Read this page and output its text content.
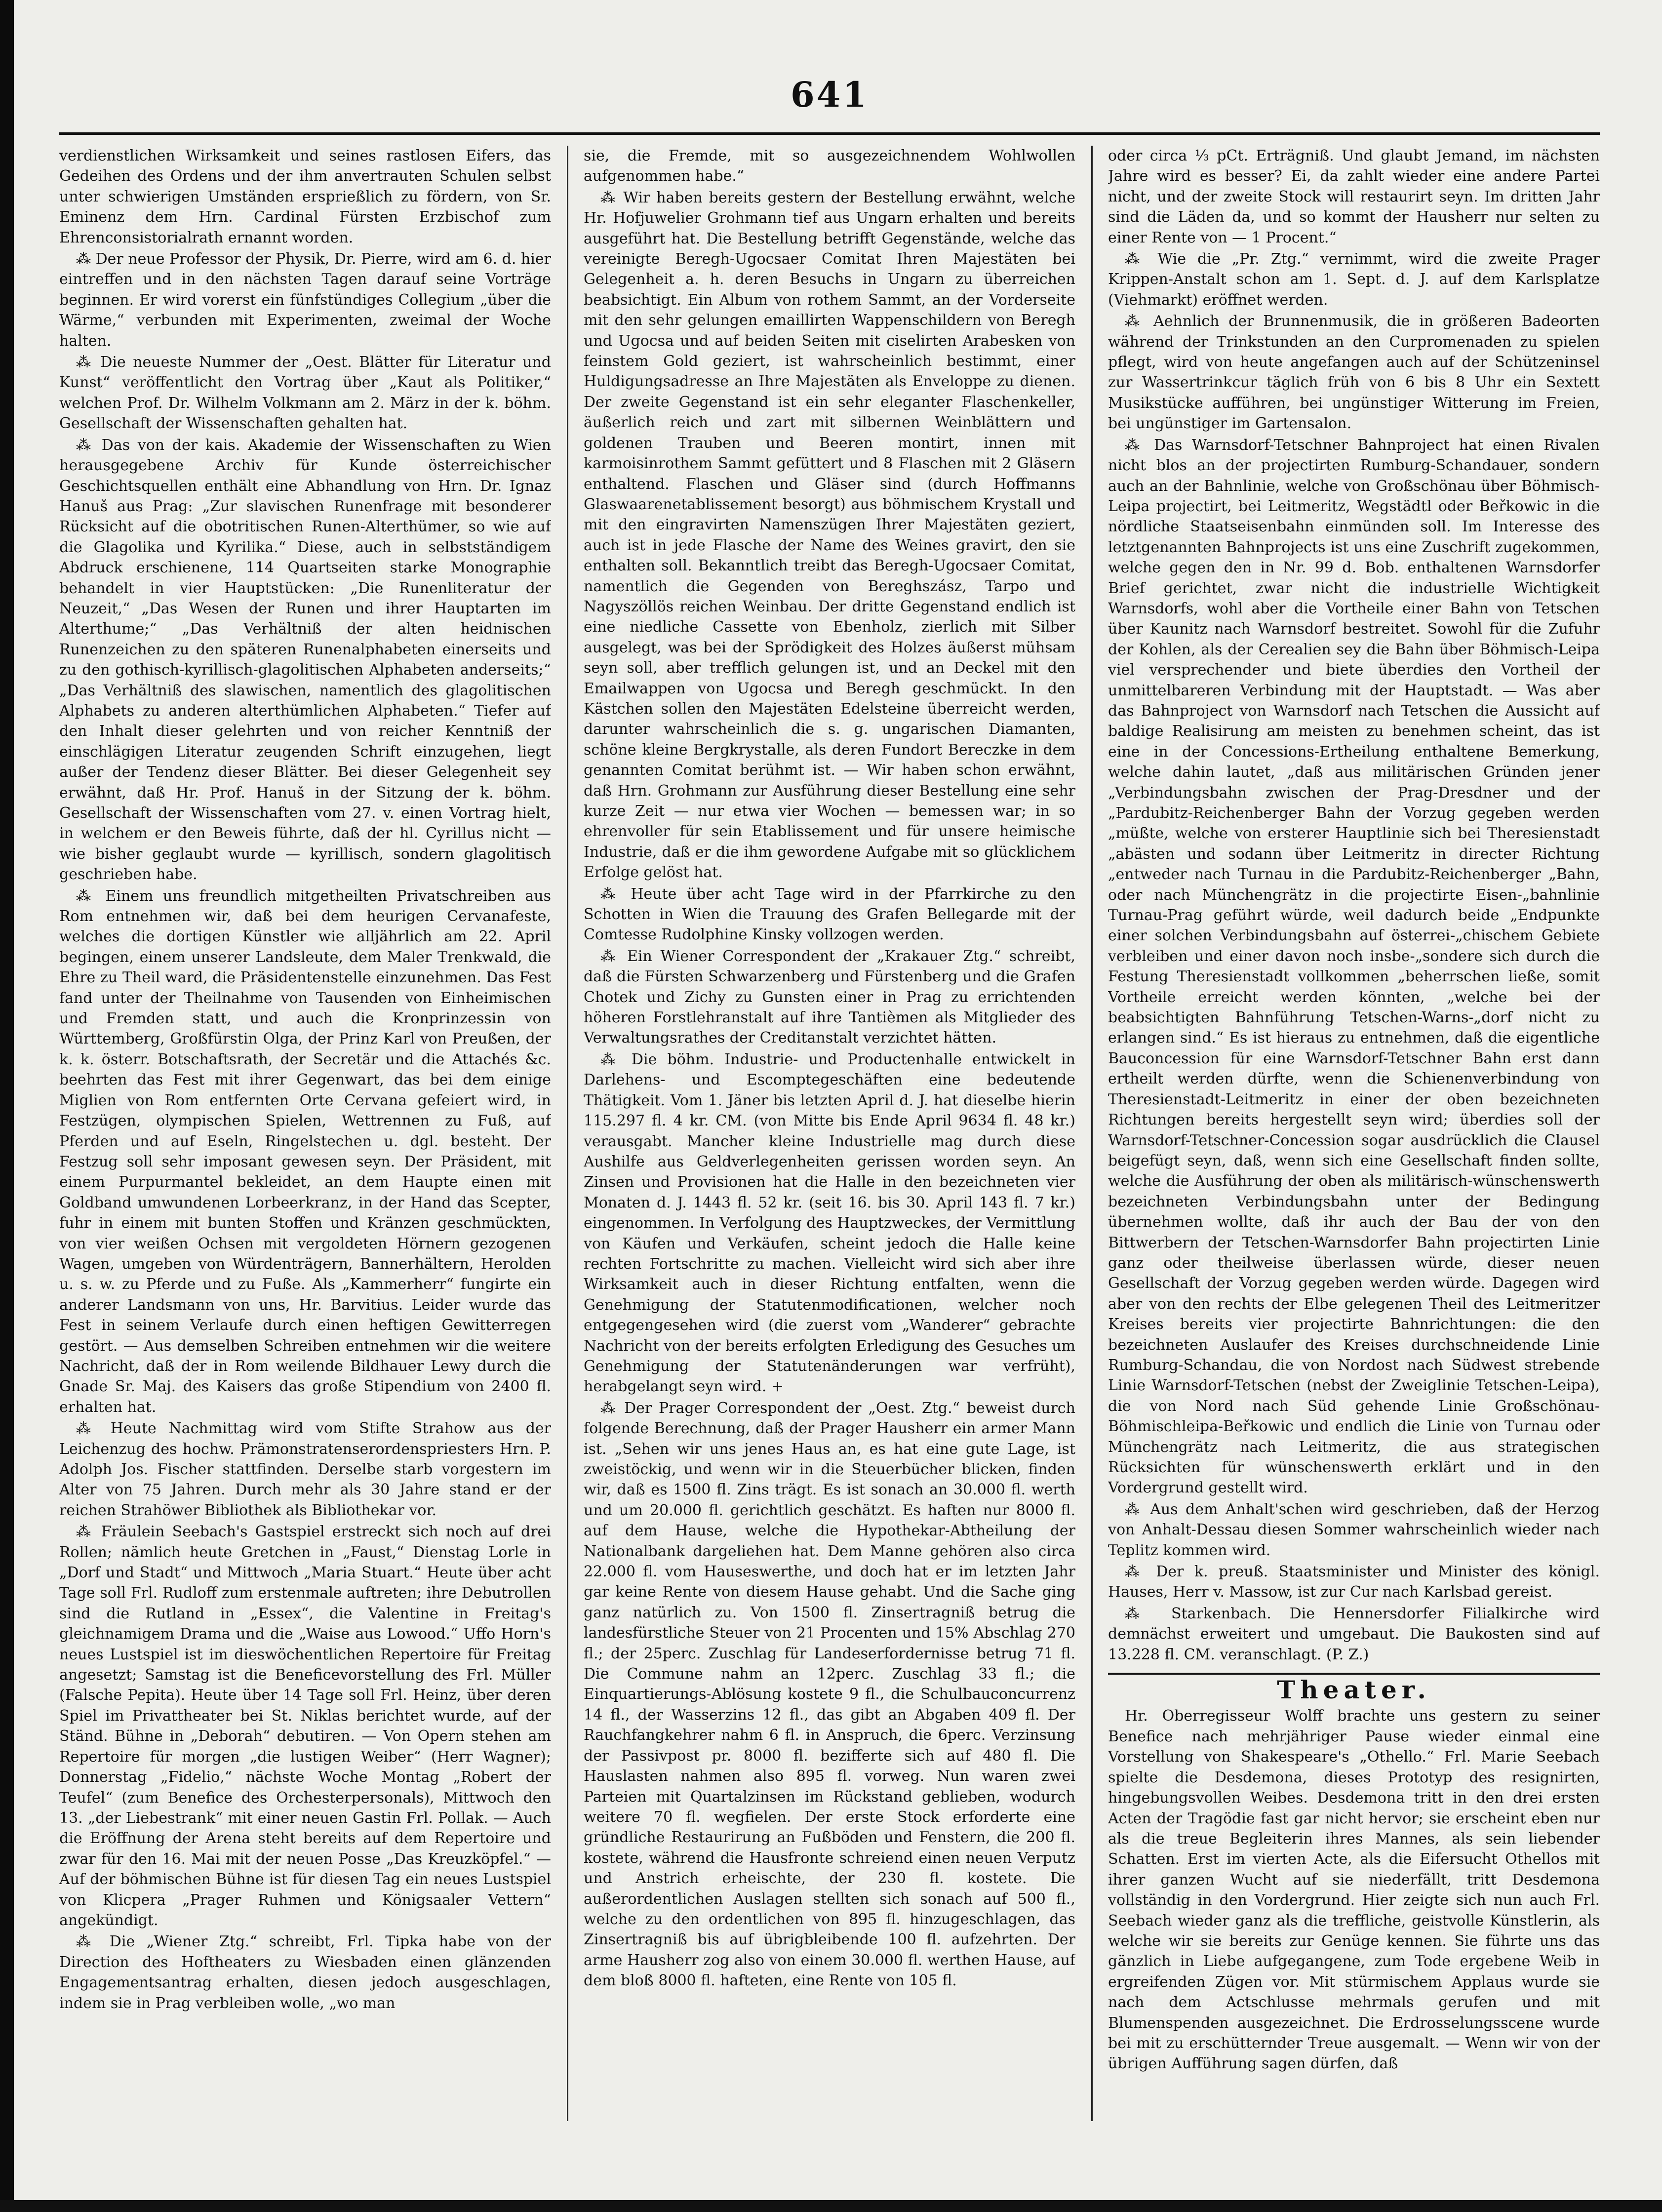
641

verdienstlichen Wirksamkeit und seines rastlosen Eifers, das Gedeihen des Ordens und der ihm anvertrauten Schulen selbst unter schwierigen Umständen ersprießlich zu fördern, von Sr. Eminenz dem Hrn. Cardinal Fürsten Erzbischof zum Ehrenconsistorialrath ernannt worden.

⁂ Der neue Professor der Physik, Dr. Pierre, wird am 6. d. hier eintreffen und in den nächsten Tagen darauf seine Vorträge beginnen. Er wird vorerst ein fünfstündiges Collegium „über die Wärme,“ verbunden mit Experimenten, zweimal der Woche halten.

⁂ Die neueste Nummer der „Oest. Blätter für Literatur und Kunst“ veröffentlicht den Vortrag über „Kaut als Politiker,“ welchen Prof. Dr. Wilhelm Volkmann am 2. März in der k. böhm. Gesellschaft der Wissenschaften gehalten hat.

⁂ Das von der kais. Akademie der Wissenschaften zu Wien herausgegebene Archiv für Kunde österreichischer Geschichtsquellen enthält eine Abhandlung von Hrn. Dr. Ignaz Hanuš aus Prag: „Zur slavischen Runenfrage mit besonderer Rücksicht auf die obotritischen Runen-Alterthümer, so wie auf die Glagolika und Kyrilika.“ Diese, auch in selbstständigem Abdruck erschienene, 114 Quartseiten starke Monographie behandelt in vier Hauptstücken: „Die Runenliteratur der Neuzeit,“ „Das Wesen der Runen und ihrer Hauptarten im Alterthume;“ „Das Verhältniß der alten heidnischen Runenzeichen zu den späteren Runenalphabeten einerseits und zu den gothisch-kyrillisch-glagolitischen Alphabeten anderseits;“ „Das Verhältniß des slawischen, namentlich des glagolitischen Alphabets zu anderen alterthümlichen Alphabeten.“ Tiefer auf den Inhalt dieser gelehrten und von reicher Kenntniß der einschlägigen Literatur zeugenden Schrift einzugehen, liegt außer der Tendenz dieser Blätter. Bei dieser Gelegenheit sey erwähnt, daß Hr. Prof. Hanuš in der Sitzung der k. böhm. Gesellschaft der Wissenschaften vom 27. v. einen Vortrag hielt, in welchem er den Beweis führte, daß der hl. Cyrillus nicht — wie bisher geglaubt wurde — kyrillisch, sondern glagolitisch geschrieben habe.

⁂ Einem uns freundlich mitgetheilten Privatschreiben aus Rom entnehmen wir, daß bei dem heurigen Cervanafeste, welches die dortigen Künstler wie alljährlich am 22. April begingen, einem unserer Landsleute, dem Maler Trenkwald, die Ehre zu Theil ward, die Präsidentenstelle einzunehmen. Das Fest fand unter der Theilnahme von Tausenden von Einheimischen und Fremden statt, und auch die Kronprinzessin von Württemberg, Großfürstin Olga, der Prinz Karl von Preußen, der k. k. österr. Botschaftsrath, der Secretär und die Attachés &c. beehrten das Fest mit ihrer Gegenwart, das bei dem einige Miglien von Rom entfernten Orte Cervana gefeiert wird, in Festzügen, olympischen Spielen, Wettrennen zu Fuß, auf Pferden und auf Eseln, Ringelstechen u. dgl. besteht. Der Festzug soll sehr imposant gewesen seyn. Der Präsident, mit einem Purpurmantel bekleidet, an dem Haupte einen mit Goldband umwundenen Lorbeerkranz, in der Hand das Scepter, fuhr in einem mit bunten Stoffen und Kränzen geschmückten, von vier weißen Ochsen mit vergoldeten Hörnern gezogenen Wagen, umgeben von Würdenträgern, Bannerhältern, Herolden u. s. w. zu Pferde und zu Fuße. Als „Kammerherr“ fungirte ein anderer Landsmann von uns, Hr. Barvitius. Leider wurde das Fest in seinem Verlaufe durch einen heftigen Gewitterregen gestört. — Aus demselben Schreiben entnehmen wir die weitere Nachricht, daß der in Rom weilende Bildhauer Lewy durch die Gnade Sr. Maj. des Kaisers das große Stipendium von 2400 fl. erhalten hat.

⁂ Heute Nachmittag wird vom Stifte Strahow aus der Leichenzug des hochw. Prämonstratenserordenspriesters Hrn. P. Adolph Jos. Fischer stattfinden. Derselbe starb vorgestern im Alter von 75 Jahren. Durch mehr als 30 Jahre stand er der reichen Strahöwer Bibliothek als Bibliothekar vor.

⁂ Fräulein Seebach's Gastspiel erstreckt sich noch auf drei Rollen; nämlich heute Gretchen in „Faust,“ Dienstag Lorle in „Dorf und Stadt“ und Mittwoch „Maria Stuart.“ Heute über acht Tage soll Frl. Rudloff zum erstenmale auftreten; ihre Debutrollen sind die Rutland in „Essex“, die Valentine in Freitag's gleichnamigem Drama und die „Waise aus Lowood.“ Uffo Horn's neues Lustspiel ist im dieswöchentlichen Repertoire für Freitag angesetzt; Samstag ist die Beneficevorstellung des Frl. Müller (Falsche Pepita). Heute über 14 Tage soll Frl. Heinz, über deren Spiel im Privattheater bei St. Niklas berichtet wurde, auf der Ständ. Bühne in „Deborah“ debutiren. — Von Opern stehen am Repertoire für morgen „die lustigen Weiber“ (Herr Wagner); Donnerstag „Fidelio,“ nächste Woche Montag „Robert der Teufel“ (zum Benefice des Orchesterpersonals), Mittwoch den 13. „der Liebestrank“ mit einer neuen Gastin Frl. Pollak. — Auch die Eröffnung der Arena steht bereits auf dem Repertoire und zwar für den 16. Mai mit der neuen Posse „Das Kreuzköpfel.“ — Auf der böhmischen Bühne ist für diesen Tag ein neues Lustspiel von Klicpera „Prager Ruhmen und Königsaaler Vettern“ angekündigt.

⁂ Die „Wiener Ztg.“ schreibt, Frl. Tipka habe von der Direction des Hoftheaters zu Wiesbaden einen glänzenden Engagementsantrag erhalten, diesen jedoch ausgeschlagen, indem sie in Prag verbleiben wolle, „wo man

sie, die Fremde, mit so ausgezeichnendem Wohlwollen aufgenommen habe.“

⁂ Wir haben bereits gestern der Bestellung erwähnt, welche Hr. Hofjuwelier Grohmann tief aus Ungarn erhalten und bereits ausgeführt hat. Die Bestellung betrifft Gegenstände, welche das vereinigte Beregh-Ugocsaer Comitat Ihren Majestäten bei Gelegenheit a. h. deren Besuchs in Ungarn zu überreichen beabsichtigt. Ein Album von rothem Sammt, an der Vorderseite mit den sehr gelungen emaillirten Wappenschildern von Beregh und Ugocsa und auf beiden Seiten mit ciselirten Arabesken von feinstem Gold geziert, ist wahrscheinlich bestimmt, einer Huldigungsadresse an Ihre Majestäten als Enveloppe zu dienen. Der zweite Gegenstand ist ein sehr eleganter Flaschenkeller, äußerlich reich und zart mit silbernen Weinblättern und goldenen Trauben und Beeren montirt, innen mit karmoisinrothem Sammt gefüttert und 8 Flaschen mit 2 Gläsern enthaltend. Flaschen und Gläser sind (durch Hoffmanns Glaswaarenetablissement besorgt) aus böhmischem Krystall und mit den eingravirten Namenszügen Ihrer Majestäten geziert, auch ist in jede Flasche der Name des Weines gravirt, den sie enthalten soll. Bekanntlich treibt das Beregh-Ugocsaer Comitat, namentlich die Gegenden von Bereghszász, Tarpo und Nagyszöllös reichen Weinbau. Der dritte Gegenstand endlich ist eine niedliche Cassette von Ebenholz, zierlich mit Silber ausgelegt, was bei der Sprödigkeit des Holzes äußerst mühsam seyn soll, aber trefflich gelungen ist, und an Deckel mit den Emailwappen von Ugocsa und Beregh geschmückt. In den Kästchen sollen den Majestäten Edelsteine überreicht werden, darunter wahrscheinlich die s. g. ungarischen Diamanten, schöne kleine Bergkrystalle, als deren Fundort Bereczke in dem genannten Comitat berühmt ist. — Wir haben schon erwähnt, daß Hrn. Grohmann zur Ausführung dieser Bestellung eine sehr kurze Zeit — nur etwa vier Wochen — bemessen war; in so ehrenvoller für sein Etablissement und für unsere heimische Industrie, daß er die ihm gewordene Aufgabe mit so glücklichem Erfolge gelöst hat.

⁂ Heute über acht Tage wird in der Pfarrkirche zu den Schotten in Wien die Trauung des Grafen Bellegarde mit der Comtesse Rudolphine Kinsky vollzogen werden.

⁂ Ein Wiener Correspondent der „Krakauer Ztg.“ schreibt, daß die Fürsten Schwarzenberg und Fürstenberg und die Grafen Chotek und Zichy zu Gunsten einer in Prag zu errichtenden höheren Forstlehranstalt auf ihre Tantièmen als Mitglieder des Verwaltungsrathes der Creditanstalt verzichtet hätten.

⁂ Die böhm. Industrie- und Productenhalle entwickelt in Darlehens- und Escomptegeschäften eine bedeutende Thätigkeit. Vom 1. Jäner bis letzten April d. J. hat dieselbe hierin 115.297 fl. 4 kr. CM. (von Mitte bis Ende April 9634 fl. 48 kr.) verausgabt. Mancher kleine Industrielle mag durch diese Aushilfe aus Geldverlegenheiten gerissen worden seyn. An Zinsen und Provisionen hat die Halle in den bezeichneten vier Monaten d. J. 1443 fl. 52 kr. (seit 16. bis 30. April 143 fl. 7 kr.) eingenommen. In Verfolgung des Hauptzweckes, der Vermittlung von Käufen und Verkäufen, scheint jedoch die Halle keine rechten Fortschritte zu machen. Vielleicht wird sich aber ihre Wirksamkeit auch in dieser Richtung entfalten, wenn die Genehmigung der Statutenmodificationen, welcher noch entgegengesehen wird (die zuerst vom „Wanderer“ gebrachte Nachricht von der bereits erfolgten Erledigung des Gesuches um Genehmigung der Statutenänderungen war verfrüht), herabgelangt seyn wird. +

⁂ Der Prager Correspondent der „Oest. Ztg.“ beweist durch folgende Berechnung, daß der Prager Hausherr ein armer Mann ist. „Sehen wir uns jenes Haus an, es hat eine gute Lage, ist zweistöckig, und wenn wir in die Steuerbücher blicken, finden wir, daß es 1500 fl. Zins trägt. Es ist sonach an 30.000 fl. werth und um 20.000 fl. gerichtlich geschätzt. Es haften nur 8000 fl. auf dem Hause, welche die Hypothekar-Abtheilung der Nationalbank dargeliehen hat. Dem Manne gehören also circa 22.000 fl. vom Hauseswerthe, und doch hat er im letzten Jahr gar keine Rente von diesem Hause gehabt. Und die Sache ging ganz natürlich zu. Von 1500 fl. Zinsertragniß betrug die landesfürstliche Steuer von 21 Procenten und 15% Abschlag 270 fl.; der 25perc. Zuschlag für Landeserfordernisse betrug 71 fl. Die Commune nahm an 12perc. Zuschlag 33 fl.; die Einquartierungs-Ablösung kostete 9 fl., die Schulbauconcurrenz 14 fl., der Wasserzins 12 fl., das gibt an Abgaben 409 fl. Der Rauchfangkehrer nahm 6 fl. in Anspruch, die 6perc. Verzinsung der Passivpost pr. 8000 fl. bezifferte sich auf 480 fl. Die Hauslasten nahmen also 895 fl. vorweg. Nun waren zwei Parteien mit Quartalzinsen im Rückstand geblieben, wodurch weitere 70 fl. wegfielen. Der erste Stock erforderte eine gründliche Restaurirung an Fußböden und Fenstern, die 200 fl. kostete, während die Hausfronte schreiend einen neuen Verputz und Anstrich erheischte, der 230 fl. kostete. Die außerordentlichen Auslagen stellten sich sonach auf 500 fl., welche zu den ordentlichen von 895 fl. hinzugeschlagen, das Zinsertragniß bis auf übrigbleibende 100 fl. aufzehrten. Der arme Hausherr zog also von einem 30.000 fl. werthen Hause, auf dem bloß 8000 fl. hafteten, eine Rente von 105 fl.

oder circa ⅓ pCt. Erträgniß. Und glaubt Jemand, im nächsten Jahre wird es besser? Ei, da zahlt wieder eine andere Partei nicht, und der zweite Stock will restaurirt seyn. Im dritten Jahr sind die Läden da, und so kommt der Hausherr nur selten zu einer Rente von — 1 Procent.“

⁂ Wie die „Pr. Ztg.“ vernimmt, wird die zweite Prager Krippen-Anstalt schon am 1. Sept. d. J. auf dem Karlsplatze (Viehmarkt) eröffnet werden.

⁂ Aehnlich der Brunnenmusik, die in größeren Badeorten während der Trinkstunden an den Curpromenaden zu spielen pflegt, wird von heute angefangen auch auf der Schützeninsel zur Wassertrinkcur täglich früh von 6 bis 8 Uhr ein Sextett Musikstücke aufführen, bei ungünstiger Witterung im Freien, bei ungünstiger im Gartensalon.

⁂ Das Warnsdorf-Tetschner Bahnproject hat einen Rivalen nicht blos an der projectirten Rumburg-Schandauer, sondern auch an der Bahnlinie, welche von Großschönau über Böhmisch-Leipa projectirt, bei Leitmeritz, Wegstädtl oder Beřkowic in die nördliche Staatseisenbahn einmünden soll. Im Interesse des letztgenannten Bahnprojects ist uns eine Zuschrift zugekommen, welche gegen den in Nr. 99 d. Bob. enthaltenen Warnsdorfer Brief gerichtet, zwar nicht die industrielle Wichtigkeit Warnsdorfs, wohl aber die Vortheile einer Bahn von Tetschen über Kaunitz nach Warnsdorf bestreitet. Sowohl für die Zufuhr der Kohlen, als der Cerealien sey die Bahn über Böhmisch-Leipa viel versprechender und biete überdies den Vortheil der unmittelbareren Verbindung mit der Hauptstadt. — Was aber das Bahnproject von Warnsdorf nach Tetschen die Aussicht auf baldige Realisirung am meisten zu benehmen scheint, das ist eine in der Concessions-Ertheilung enthaltene Bemerkung, welche dahin lautet, „daß aus militärischen Gründen jener „Verbindungsbahn zwischen der Prag-Dresdner und der „Pardubitz-Reichenberger Bahn der Vorzug gegeben werden „müßte, welche von ersterer Hauptlinie sich bei Theresienstadt „abästen und sodann über Leitmeritz in directer Richtung „entweder nach Turnau in die Pardubitz-Reichenberger „Bahn, oder nach Münchengrätz in die projectirte Eisen-„bahnlinie Turnau-Prag geführt würde, weil dadurch beide „Endpunkte einer solchen Verbindungsbahn auf österrei-„chischem Gebiete verbleiben und einer davon noch insbe-„sondere sich durch die Festung Theresienstadt vollkommen „beherrschen ließe, somit Vortheile erreicht werden könnten, „welche bei der beabsichtigten Bahnführung Tetschen-Warns-„dorf nicht zu erlangen sind.“ Es ist hieraus zu entnehmen, daß die eigentliche Bauconcession für eine Warnsdorf-Tetschner Bahn erst dann ertheilt werden dürfte, wenn die Schienenverbindung von Theresienstadt-Leitmeritz in einer der oben bezeichneten Richtungen bereits hergestellt seyn wird; überdies soll der Warnsdorf-Tetschner-Concession sogar ausdrücklich die Clausel beigefügt seyn, daß, wenn sich eine Gesellschaft finden sollte, welche die Ausführung der oben als militärisch-wünschenswerth bezeichneten Verbindungsbahn unter der Bedingung übernehmen wollte, daß ihr auch der Bau der von den Bittwerbern der Tetschen-Warnsdorfer Bahn projectirten Linie ganz oder theilweise überlassen würde, dieser neuen Gesellschaft der Vorzug gegeben werden würde. Dagegen wird aber von den rechts der Elbe gelegenen Theil des Leitmeritzer Kreises bereits vier projectirte Bahnrichtungen: die den bezeichneten Auslaufer des Kreises durchschneidende Linie Rumburg-Schandau, die von Nordost nach Südwest strebende Linie Warnsdorf-Tetschen (nebst der Zweiglinie Tetschen-Leipa), die von Nord nach Süd gehende Linie Großschönau-Böhmischleipa-Beřkowic und endlich die Linie von Turnau oder Münchengrätz nach Leitmeritz, die aus strategischen Rücksichten für wünschenswerth erklärt und in den Vordergrund gestellt wird.

⁂ Aus dem Anhalt'schen wird geschrieben, daß der Herzog von Anhalt-Dessau diesen Sommer wahrscheinlich wieder nach Teplitz kommen wird.

⁂ Der k. preuß. Staatsminister und Minister des königl. Hauses, Herr v. Massow, ist zur Cur nach Karlsbad gereist.

⁂ Starkenbach. Die Hennersdorfer Filialkirche wird demnächst erweitert und umgebaut. Die Baukosten sind auf 13.228 fl. CM. veranschlagt. (P. Z.)

Theater.

Hr. Oberregisseur Wolff brachte uns gestern zu seiner Benefice nach mehrjähriger Pause wieder einmal eine Vorstellung von Shakespeare's „Othello.“ Frl. Marie Seebach spielte die Desdemona, dieses Prototyp des resignirten, hingebungsvollen Weibes. Desdemona tritt in den drei ersten Acten der Tragödie fast gar nicht hervor; sie erscheint eben nur als die treue Begleiterin ihres Mannes, als sein liebender Schatten. Erst im vierten Acte, als die Eifersucht Othellos mit ihrer ganzen Wucht auf sie niederfällt, tritt Desdemona vollständig in den Vordergrund. Hier zeigte sich nun auch Frl. Seebach wieder ganz als die treffliche, geistvolle Künstlerin, als welche wir sie bereits zur Genüge kennen. Sie führte uns das gänzlich in Liebe aufgegangene, zum Tode ergebene Weib in ergreifenden Zügen vor. Mit stürmischem Applaus wurde sie nach dem Actschlusse mehrmals gerufen und mit Blumenspenden ausgezeichnet. Die Erdrosselungsscene wurde bei mit zu erschütternder Treue ausgemalt. — Wenn wir von der übrigen Aufführung sagen dürfen, daß
